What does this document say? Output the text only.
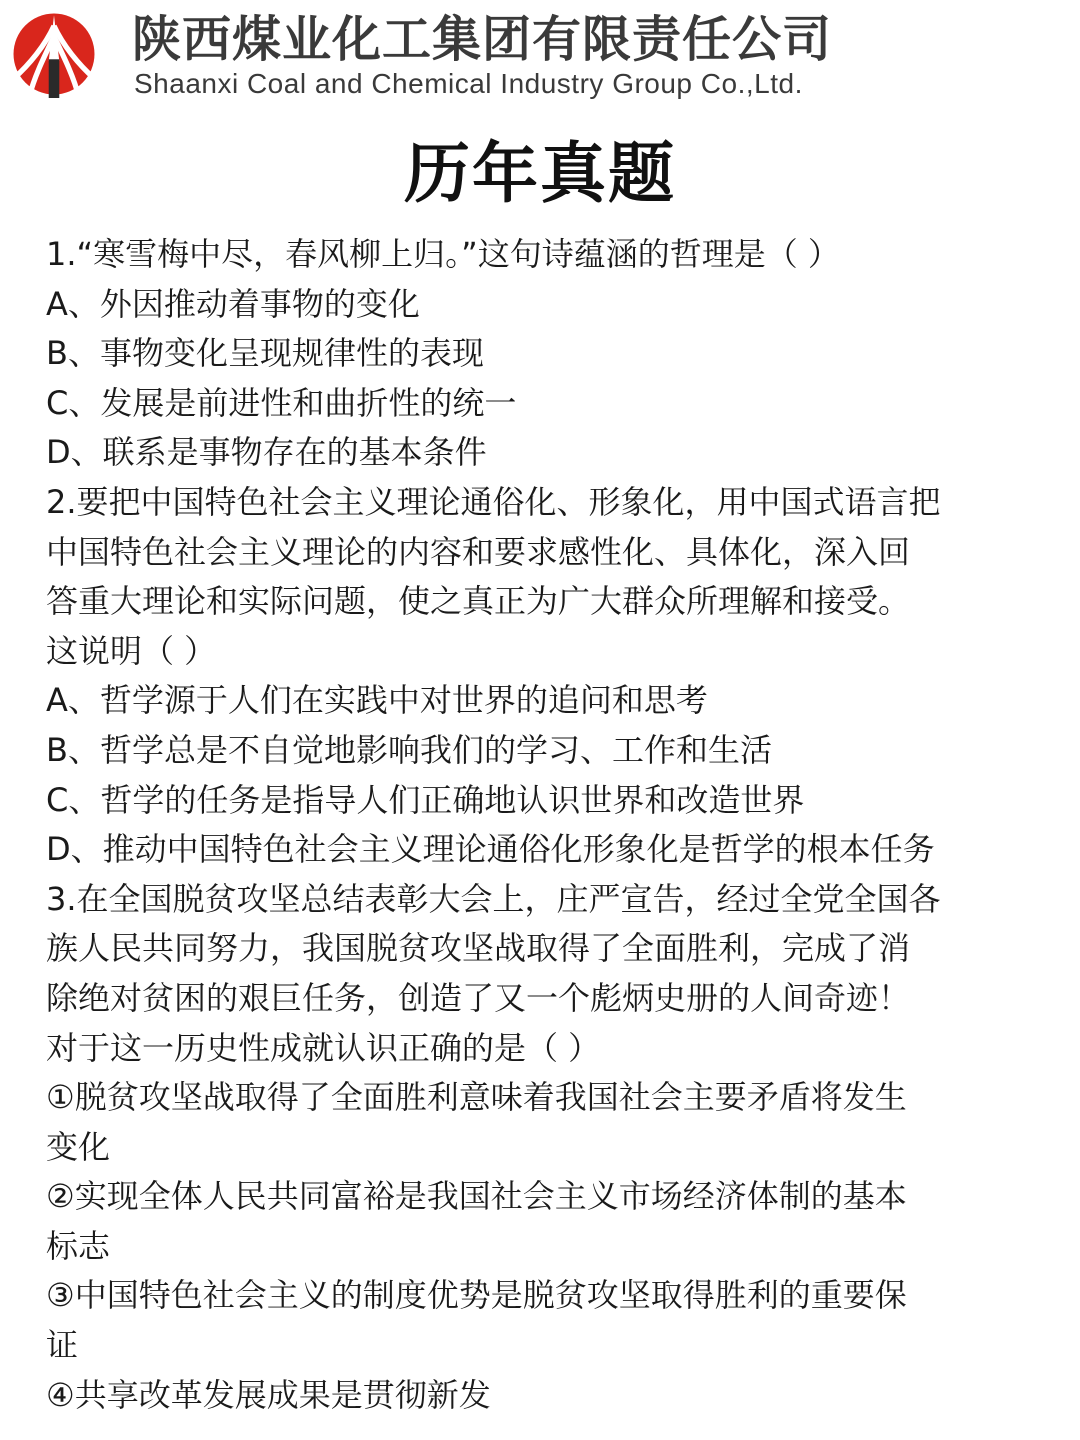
陕西煤业化工集团有限责任公司
Shaanxi Coal and Chemical Industry Group Co.,Ltd.
历年真题
1.“寒雪梅中尽，春风柳上归。”这句诗蕴涵的哲理是（ ）
A、外因推动着事物的变化
B、事物变化呈现规律性的表现
C、发展是前进性和曲折性的统一
D、联系是事物存在的基本条件
2.要把中国特色社会主义理论通俗化、形象化，用中国式语言把
中国特色社会主义理论的内容和要求感性化、具体化，深入回
答重大理论和实际问题，使之真正为广大群众所理解和接受。
这说明（ ）
A、哲学源于人们在实践中对世界的追问和思考
B、哲学总是不自觉地影响我们的学习、工作和生活
C、哲学的任务是指导人们正确地认识世界和改造世界
D、推动中国特色社会主义理论通俗化形象化是哲学的根本任务
3.在全国脱贫攻坚总结表彰大会上，庄严宣告，经过全党全国各
族人民共同努力，我国脱贫攻坚战取得了全面胜利，完成了消
除绝对贫困的艰巨任务，创造了又一个彪炳史册的人间奇迹！
对于这一历史性成就认识正确的是（ ）
①脱贫攻坚战取得了全面胜利意味着我国社会主要矛盾将发生
变化
②实现全体人民共同富裕是我国社会主义市场经济体制的基本
标志
③中国特色社会主义的制度优势是脱贫攻坚取得胜利的重要保
证
④共享改革发展成果是贯彻新发
